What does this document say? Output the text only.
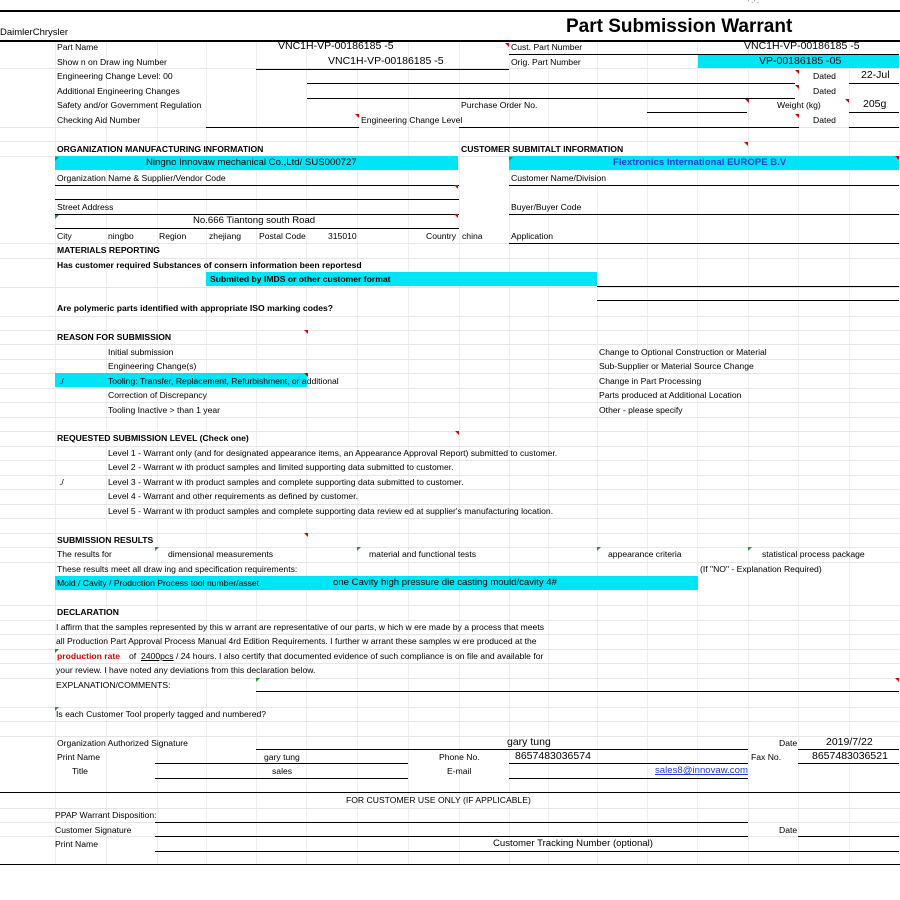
' -' -
DaimlerChrysler	Part Submission Warrant
Part Name	VNC1H-VP-00186185 -5	Cust. Part Number	VNC1H-VP-00186185 -5
Show n on Draw ing Number	VNC1H-VP-00186185 -5	Orig. Part Number	VP-00186185 -05
Engineering Change Level: 00	Dated 22-Jul
Additional Engineering Changes	Dated
Safety and/or Government Regulation	Purchase Order No.	Weight (kg)	205g
Checking Aid Number	Engineering Change Level	Dated
ORGANIZATION MANUFACTURING INFORMATION	CUSTOMER SUBMITALT INFORMATION
Ningno Innovaw mechanical Co.,Ltd/ SUS000727	Flextronics International EUROPE B.V
Organization Name & Supplier/Vendor Code	Customer Name/Division
Street Address	Buyer/Buyer Code
No.666 Tiantong south Road
City	ningbo	Region	zhejiang Postal Code	315010	Country china	Application
MATERIALS REPORTING
Has customer required Substances of consern information been reportesd
Submited by IMDS or other customer format
Are polymeric parts identified with appropriate ISO marking codes?
REASON FOR SUBMISSION
Initial submission
Engineering Change(s)
./	Tooling: Transfer, Replacement, Refurbishment, or additional
Correction of Discrepancy
Tooling Inactive > than 1 year
Change to Optional Construction or Material
Sub-Supplier or Material Source Change
Change in Part Processing
Parts produced at Additional Location
Other - please specify
REQUESTED SUBMISSION LEVEL (Check one)
Level 1 - Warrant only (and for designated appearance items, an Appearance Approval Report) submitted to customer.
Level 2 - Warrant w ith product samples and limited supporting data submitted to customer.
./	Level 3 - Warrant w ith product samples and complete supporting data submitted to customer.
Level 4 - Warrant and other requirements as defined by customer.
Level 5 - Warrant w ith product samples and complete supporting data review ed at supplier's manufacturing location.
SUBMISSION RESULTS
The results for	dimensional measurements	material and functional tests	appearance criteria	statistical process package
These results meet all draw ing and specification requirements:	(If "NO" - Explanation Required)
Mold / Cavity / Production Process tool number/asset	one Cavity high pressure die casting mould/cavity 4#
DECLARATION
I affirm that the samples represented by this w arrant are representative of our parts, w hich w ere made by a process that meets
all Production Part Approval Process Manual 4rd Edition Requirements. I further w arrant these samples w ere produced at the
production rate of 2400pcs / 24 hours. I also certify that documented evidence of such compliance is on file and available for
your review. I have noted any deviations from this declaration below.
EXPLANATION/COMMENTS:
Is each Customer Tool properly tagged and numbered?
Organization Authorized Signature	gary tung	Date	2019/7/22
Print Name	gary tung	Phone No.	8657483036574	Fax No.	8657483036521
Title	sales	E-mail	sales8@innovaw.com
FOR CUSTOMER USE ONLY (IF APPLICABLE)
PPAP Warrant Disposition:
Customer Signature	Date
Print Name	Customer Tracking Number (optional)
